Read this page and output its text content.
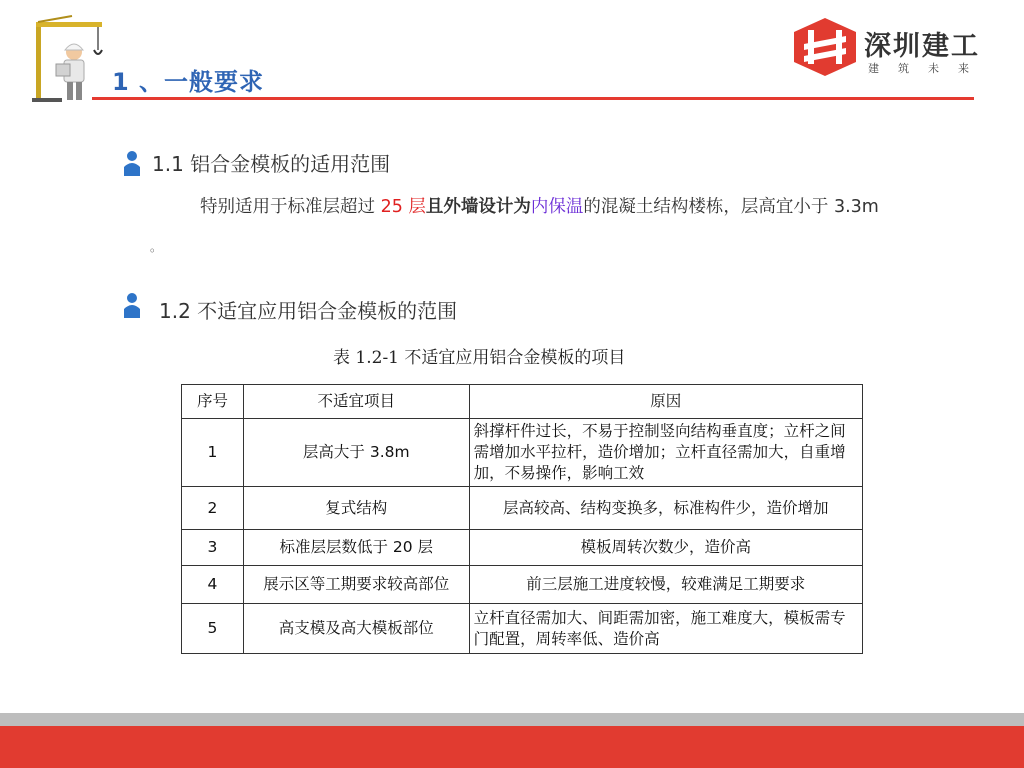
1 、一般要求
深圳建工
建筑未来
1.1 铝合金模板的适用范围
特别适用于标准层超过 25 层且外墙设计为内保温的混凝土结构楼栋，层高宜小于 3.3m
。
1.2 不适宜应用铝合金模板的范围
表 1.2-1 不适宜应用铝合金模板的项目
序号	不适宜项目	原因
1	层高大于 3.8m	斜撑杆件过长，不易于控制竖向结构垂直度；立杆之间需增加水平拉杆，造价增加；立杆直径需加大，自重增加，不易操作，影响工效
2	复式结构	层高较高、结构变换多，标准构件少，造价增加
3	标准层层数低于 20 层	模板周转次数少，造价高
4	展示区等工期要求较高部位	前三层施工进度较慢，较难满足工期要求
5	高支模及高大模板部位	立杆直径需加大、间距需加密，施工难度大，模板需专门配置，周转率低、造价高
